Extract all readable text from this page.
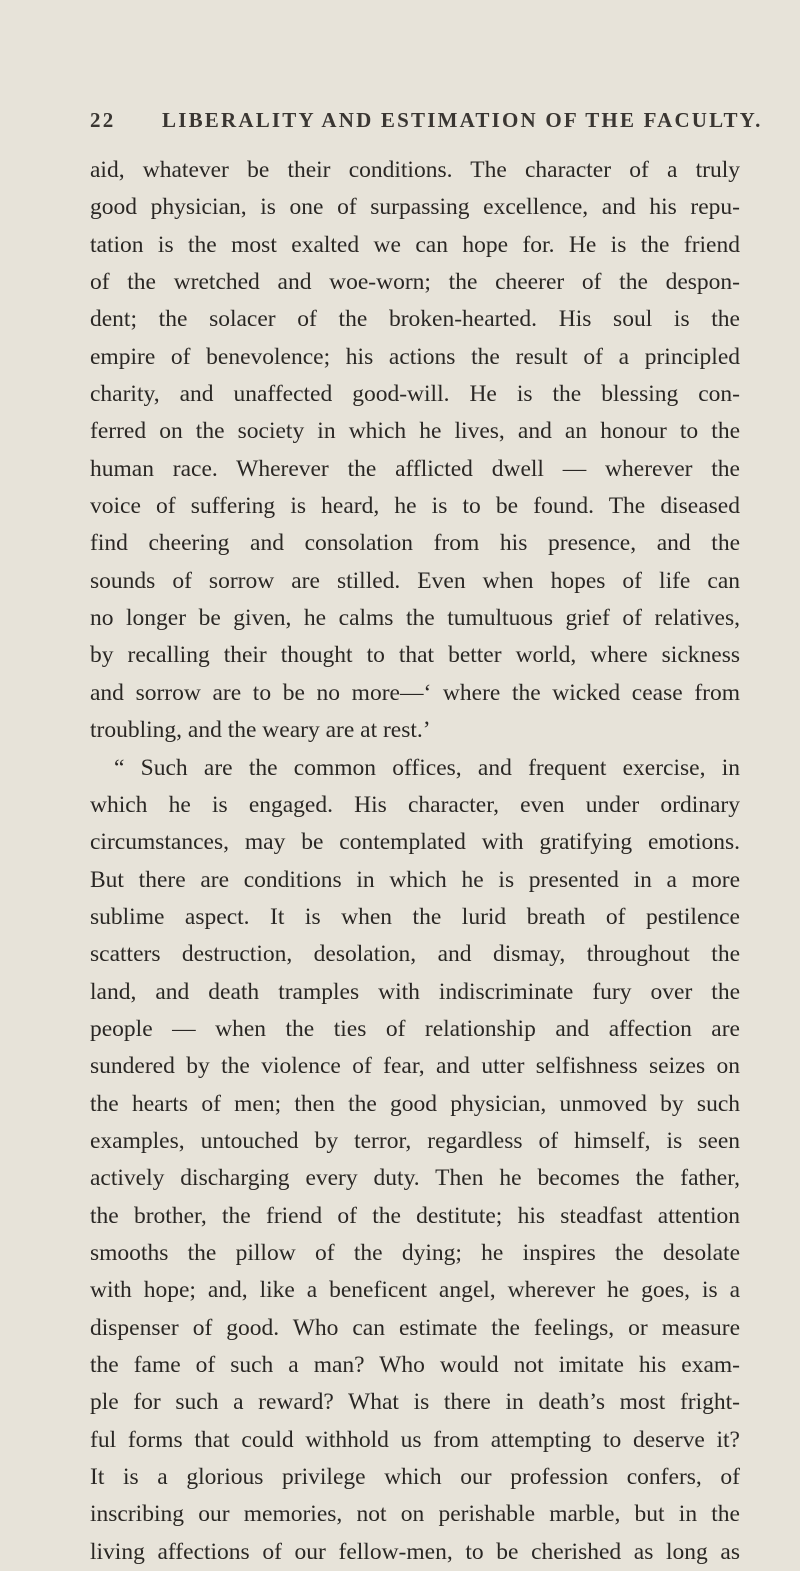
22 LIBERALITY AND ESTIMATION OF THE FACULTY.
aid, whatever be their conditions. The character of a truly
good physician, is one of surpassing excellence, and his repu-
tation is the most exalted we can hope for. He is the friend
of the wretched and woe-worn; the cheerer of the despon-
dent; the solacer of the broken-hearted. His soul is the
empire of benevolence; his actions the result of a principled
charity, and unaffected good-will. He is the blessing con-
ferred on the society in which he lives, and an honour to the
human race. Wherever the afflicted dwell — wherever the
voice of suffering is heard, he is to be found. The diseased
find cheering and consolation from his presence, and the
sounds of sorrow are stilled. Even when hopes of life can
no longer be given, he calms the tumultuous grief of relatives,
by recalling their thought to that better world, where sickness
and sorrow are to be no more—‘ where the wicked cease from
troubling, and the weary are at rest.’
“ Such are the common offices, and frequent exercise, in
which he is engaged. His character, even under ordinary
circumstances, may be contemplated with gratifying emotions.
But there are conditions in which he is presented in a more
sublime aspect. It is when the lurid breath of pestilence
scatters destruction, desolation, and dismay, throughout the
land, and death tramples with indiscriminate fury over the
people — when the ties of relationship and affection are
sundered by the violence of fear, and utter selfishness seizes on
the hearts of men; then the good physician, unmoved by such
examples, untouched by terror, regardless of himself, is seen
actively discharging every duty. Then he becomes the father,
the brother, the friend of the destitute; his steadfast attention
smooths the pillow of the dying; he inspires the desolate
with hope; and, like a beneficent angel, wherever he goes, is a
dispenser of good. Who can estimate the feelings, or measure
the fame of such a man? Who would not imitate his exam-
ple for such a reward? What is there in death’s most fright-
ful forms that could withhold us from attempting to deserve it?
It is a glorious privilege which our profession confers, of
inscribing our memories, not on perishable marble, but in the
living affections of our fellow-men, to be cherished as long as
